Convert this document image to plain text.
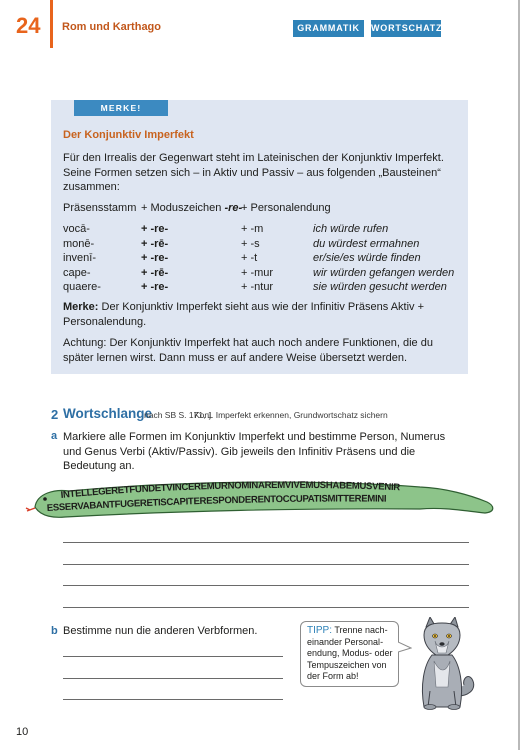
24 Rom und Karthago	GRAMMATIK	WORTSCHATZ
MERKE!
Der Konjunktiv Imperfekt
Für den Irrealis der Gegenwart steht im Lateinischen der Konjunktiv Imperfekt. Seine Formen setzen sich – in Aktiv und Passiv – aus folgenden „Bausteinen“ zusammen:
Präsensstamm + Moduszeichen -re-
+ Personalendung
vocā-	+ -re-	+ -m	ich würde rufen
monē-	+ -rē-	+ -s	du würdest ermahnen
invenī-	+ -re-	+ -t	er/sie/es würde finden
cape-	+ -rē-	+ -mur	wir würden gefangen werden
quaere-	+ -re-	+ -ntur	sie würden gesucht werden
Merke: Der Konjunktiv Imperfekt sieht aus wie der Infinitiv Präsens Aktiv + Personalendung.
Achtung: Der Konjunktiv Imperfekt hat auch noch andere Funktionen, die du später lernen wirst. Dann muss er auf andere Weise übersetzt werden.
2 Wortschlange
nach SB S. 171, 1
Konj. Imperfekt erkennen, Grundwortschatz sichern
a Markiere alle Formen im Konjunktiv Imperfekt und bestimme Person, Numerus und Genus Verbi (Aktiv/Passiv). Gib jeweils den Infinitiv Präsens und die Bedeutung an.
INTELLEGERETFUNDETVINCEREMURNOMINAREMVIVEMUSHABEMUSVENIR
ESSERVABANTFUGERETISCAPITERESPONDERENTOCCUPATISMITTEREMINI
b Bestimme nun die anderen Verbformen.	TIPP: Trenne nacheinander Personalendung, Modus- oder Tempuszeichen von der Form ab!
10
